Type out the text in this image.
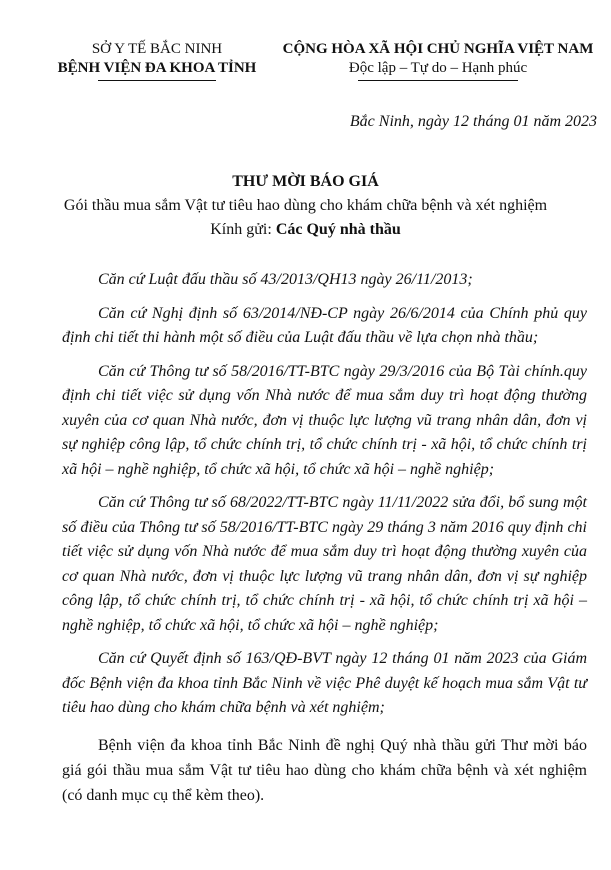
SỞ Y TẾ BẮC NINH
BỆNH VIỆN ĐA KHOA TỈNH
CỘNG HÒA XÃ HỘI CHỦ NGHĨA VIỆT NAM
Độc lập – Tự do – Hạnh phúc
Bắc Ninh, ngày 12 tháng 01 năm 2023
THƯ MỜI BÁO GIÁ
Gói thầu mua sắm Vật tư tiêu hao dùng cho khám chữa bệnh và xét nghiệm
Kính gửi: Các Quý nhà thầu

Căn cứ Luật đấu thầu số 43/2013/QH13 ngày 26/11/2013;

Căn cứ Nghị định số 63/2014/NĐ-CP ngày 26/6/2014 của Chính phủ quy định chi tiết thi hành một số điều của Luật đấu thầu về lựa chọn nhà thầu;

Căn cứ Thông tư số 58/2016/TT-BTC ngày 29/3/2016 của Bộ Tài chính.quy định chi tiết việc sử dụng vốn Nhà nước để mua sắm duy trì hoạt động thường xuyên của cơ quan Nhà nước, đơn vị thuộc lực lượng vũ trang nhân dân, đơn vị sự nghiệp công lập, tổ chức chính trị, tổ chức chính trị - xã hội, tổ chức chính trị xã hội – nghề nghiệp, tổ chức xã hội, tổ chức xã hội – nghề nghiệp;

Căn cứ Thông tư số 68/2022/TT-BTC ngày 11/11/2022 sửa đổi, bổ sung một số điều của Thông tư số 58/2016/TT-BTC ngày 29 tháng 3 năm 2016 quy định chi tiết việc sử dụng vốn Nhà nước để mua sắm duy trì hoạt động thường xuyên của cơ quan Nhà nước, đơn vị thuộc lực lượng vũ trang nhân dân, đơn vị sự nghiệp công lập, tổ chức chính trị, tổ chức chính trị - xã hội, tổ chức chính trị xã hội – nghề nghiệp, tổ chức xã hội, tổ chức xã hội – nghề nghiệp;

Căn cứ Quyết định số 163/QĐ-BVT ngày 12 tháng 01 năm 2023 của Giám đốc Bệnh viện đa khoa tỉnh Bắc Ninh về việc Phê duyệt kế hoạch mua sắm Vật tư tiêu hao dùng cho khám chữa bệnh và xét nghiệm;

Bệnh viện đa khoa tỉnh Bắc Ninh đề nghị Quý nhà thầu gửi Thư mời báo giá gói thầu mua sắm Vật tư tiêu hao dùng cho khám chữa bệnh và xét nghiệm (có danh mục cụ thể kèm theo).
